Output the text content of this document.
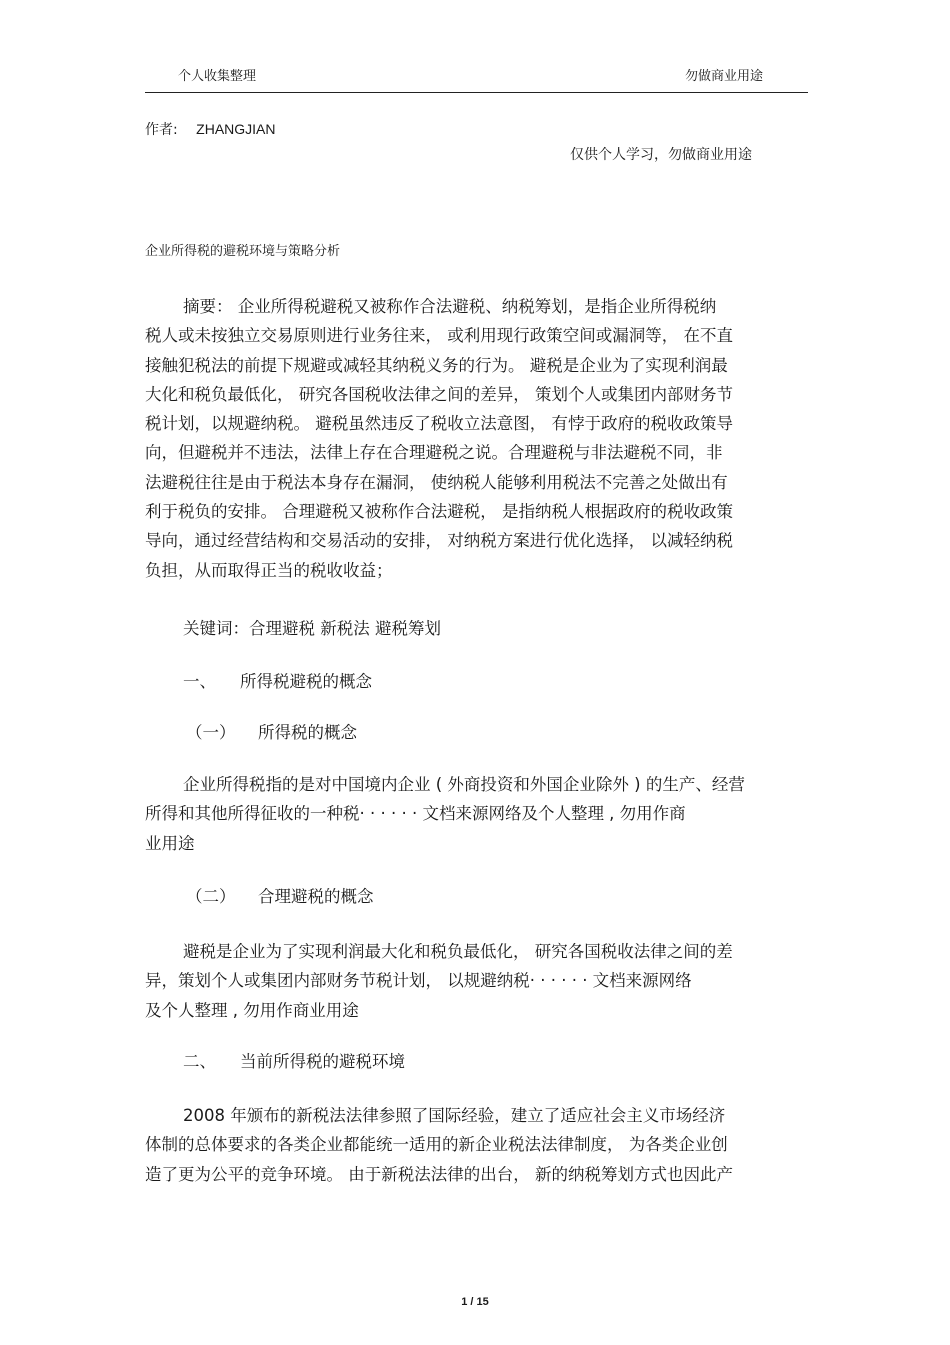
个人收集整理	勿做商业用途
作者: ZHANGJIAN
仅供个人学习，勿做商业用途
企业所得税的避税环境与策略分析
摘要： 企业所得税避税又被称作合法避税、纳税筹划，是指企业所得税纳
税人或未按独立交易原则进行业务往来， 或利用现行政策空间或漏洞等， 在不直
接触犯税法的前提下规避或减轻其纳税义务的行为。 避税是企业为了实现利润最
大化和税负最低化， 研究各国税收法律之间的差异， 策划个人或集团内部财务节
税计划，以规避纳税。 避税虽然违反了税收立法意图， 有悖于政府的税收政策导
向，但避税并不违法，法律上存在合理避税之说。合理避税与非法避税不同，非
法避税往往是由于税法本身存在漏洞， 使纳税人能够利用税法不完善之处做出有
利于税负的安排。 合理避税又被称作合法避税， 是指纳税人根据政府的税收政策
导向，通过经营结构和交易活动的安排， 对纳税方案进行优化选择， 以减轻纳税
负担，从而取得正当的税收收益；
关键词：合理避税 新税法 避税筹划
一、 所得税避税的概念
（一） 所得税的概念
企业所得税指的是对中国境内企业 ( 外商投资和外国企业除外 ) 的生产、经营
所得和其他所得征收的一种税· · · · · · 文档来源网络及个人整理 , 勿用作商
业用途
（二） 合理避税的概念
避税是企业为了实现利润最大化和税负最低化， 研究各国税收法律之间的差
异，策划个人或集团内部财务节税计划， 以规避纳税· · · · · · 文档来源网络
及个人整理 , 勿用作商业用途
二、 当前所得税的避税环境
2008 年颁布的新税法法律参照了国际经验，建立了适应社会主义市场经济
体制的总体要求的各类企业都能统一适用的新企业税法法律制度， 为各类企业创
造了更为公平的竞争环境。 由于新税法法律的出台， 新的纳税筹划方式也因此产
1 / 15
